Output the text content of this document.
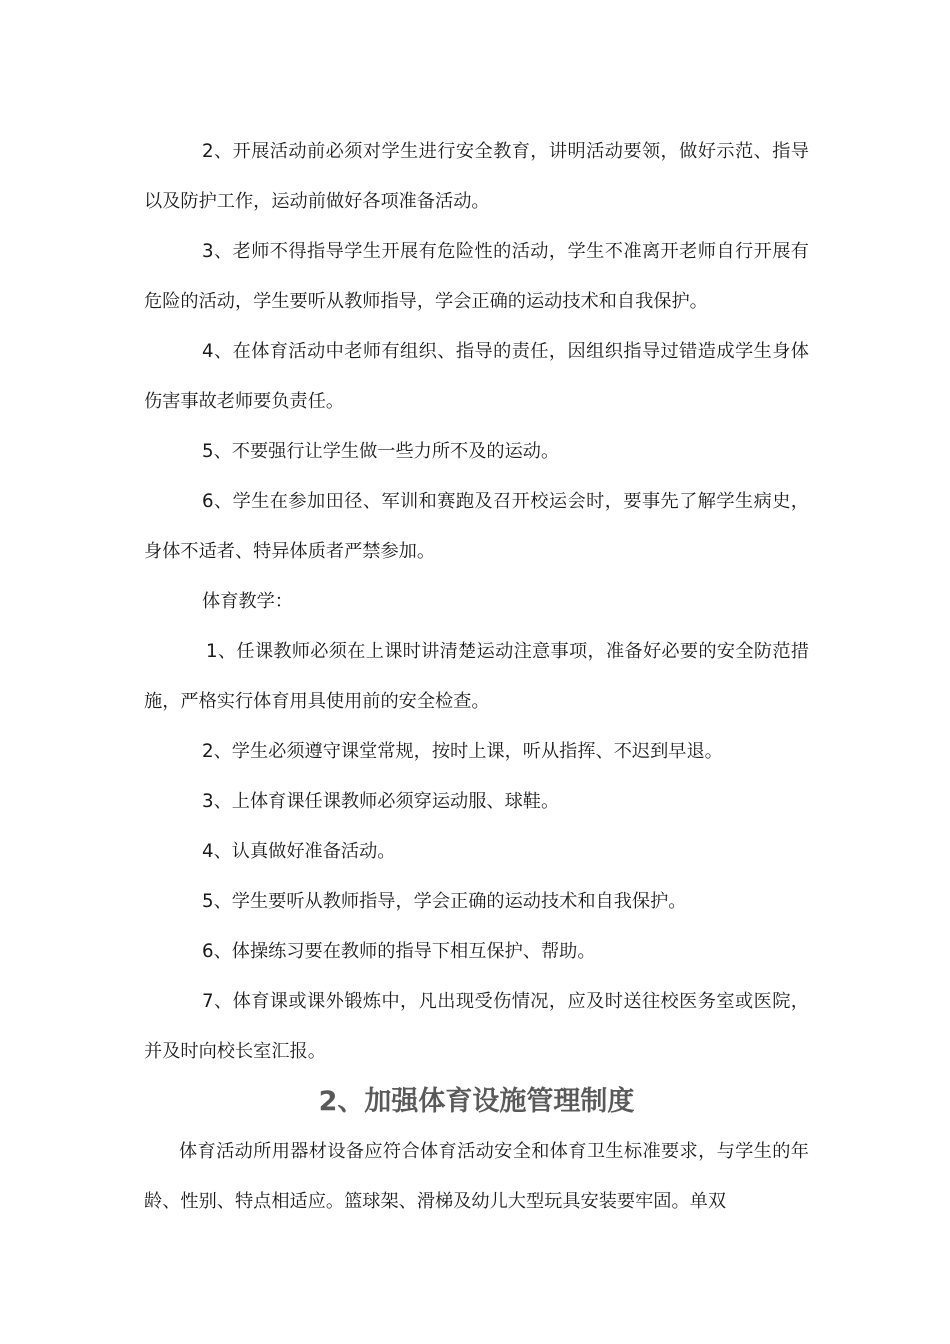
2、开展活动前必须对学生进行安全教育，讲明活动要领，做好示范、指导以及防护工作，运动前做好各项准备活动。

3、老师不得指导学生开展有危险性的活动，学生不准离开老师自行开展有危险的活动，学生要听从教师指导，学会正确的运动技术和自我保护。

4、在体育活动中老师有组织、指导的责任，因组织指导过错造成学生身体伤害事故老师要负责任。

5、不要强行让学生做一些力所不及的运动。

6、学生在参加田径、军训和赛跑及召开校运会时，要事先了解学生病史，身体不适者、特异体质者严禁参加。

体育教学：

1、任课教师必须在上课时讲清楚运动注意事项，准备好必要的安全防范措施，严格实行体育用具使用前的安全检查。

2、学生必须遵守课堂常规，按时上课，听从指挥、不迟到早退。

3、上体育课任课教师必须穿运动服、球鞋。

4、认真做好准备活动。

5、学生要听从教师指导，学会正确的运动技术和自我保护。

6、体操练习要在教师的指导下相互保护、帮助。

7、体育课或课外锻炼中，凡出现受伤情况，应及时送往校医务室或医院，并及时向校长室汇报。

2、加强体育设施管理制度

体育活动所用器材设备应符合体育活动安全和体育卫生标准要求，与学生的年龄、性别、特点相适应。篮球架、滑梯及幼儿大型玩具安装要牢固。单双
